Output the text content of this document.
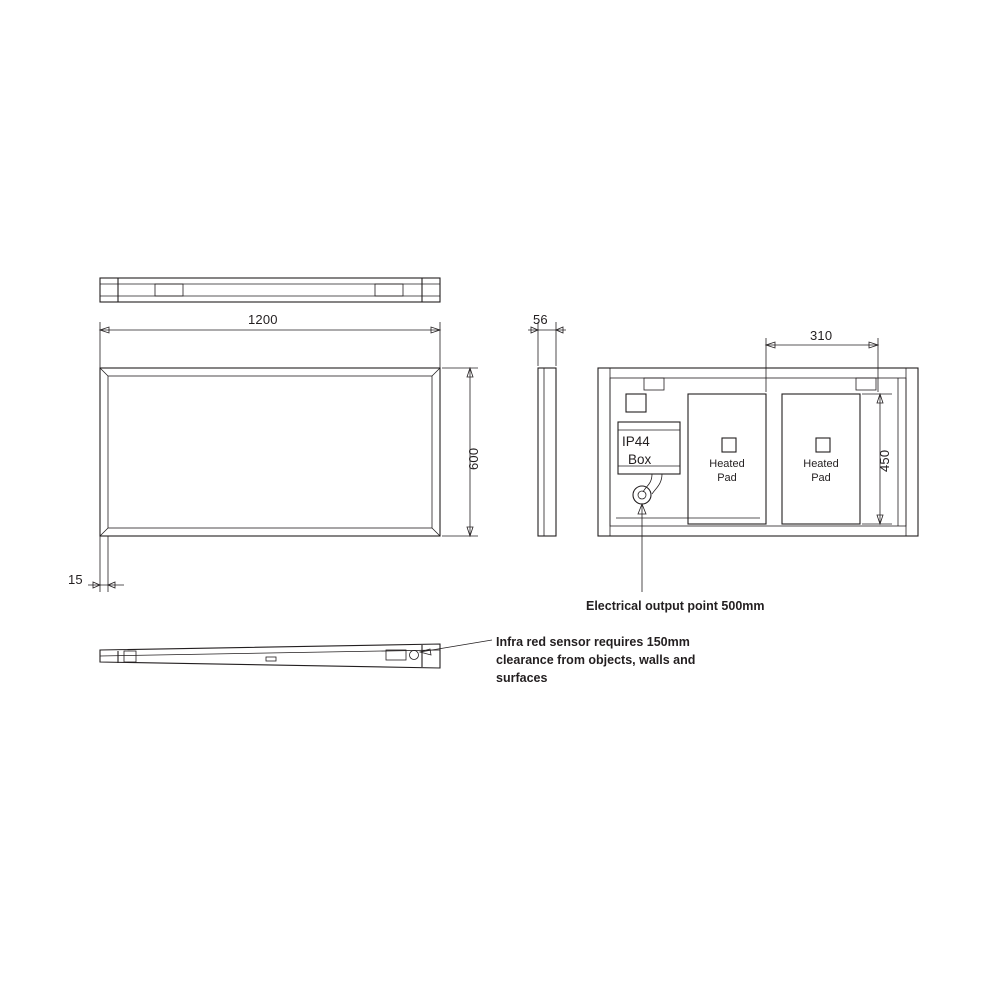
1200
600
15
56
310
450
IP44
Box	Heated
Pad
Heated
Pad
Electrical output point 500mm
Infra red sensor requires 150mm
clearance from objects, walls and
surfaces
